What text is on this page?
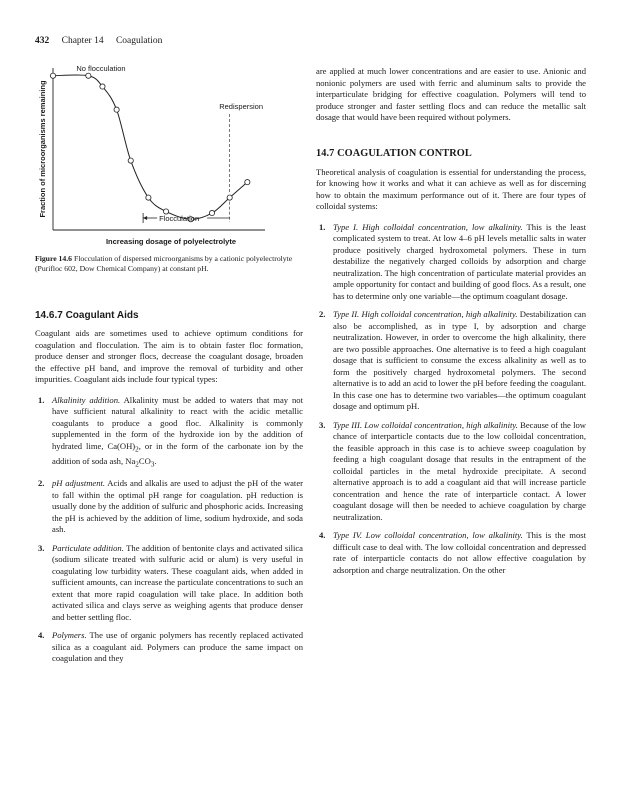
432 Chapter 14 Coagulation
Fraction of microorganisms remaining
Increasing dosage of polyelectrolyte
No flocculation
Redispersion
Flocculation
Figure 14.6 Flocculation of dispersed microorganisms by a cationic polyelectrolyte (Purifloc 602, Dow Chemical Company) at constant pH.
14.6.7 Coagulant Aids

Coagulant aids are sometimes used to achieve optimum conditions for coagulation and flocculation. The aim is to obtain faster floc formation, produce denser and stronger flocs, decrease the coagulant dosage, broaden the effective pH band, and improve the removal of turbidity and other impurities. Coagulant aids include four typical types:

1. Alkalinity addition. Alkalinity must be added to waters that may not have sufficient natural alkalinity to react with the acidic metallic coagulants to produce a good floc. Alkalinity is commonly supplemented in the form of the hydroxide ion by the addition of hydrated lime, $Ca(OH)_2$, or in the form of the carbonate ion by the addition of soda ash, $Na_2CO_3$.
2. pH adjustment. Acids and alkalis are used to adjust the pH of the water to fall within the optimal pH range for coagulation. pH reduction is usually done by the addition of sulfuric and phosphoric acids. Increasing the pH is achieved by the addition of lime, sodium hydroxide, and soda ash.
3. Particulate addition. The addition of bentonite clays and activated silica (sodium silicate treated with sulfuric acid or alum) is very useful in coagulating low turbidity waters. These coagulant aids, when added in sufficient amounts, can increase the particulate concentrations to such an extent that more rapid coagulation will take place. In addition both activated silica and clays serve as weighing agents that produce denser and better settling floc.
4. Polymers. The use of organic polymers has recently replaced activated silica as a coagulant aid. Polymers can produce the same impact on coagulation and they

are applied at much lower concentrations and are easier to use. Anionic and nonionic polymers are used with ferric and aluminum salts to provide the interparticulate bridging for effective coagulation. Polymers will tend to produce stronger and faster settling flocs and can reduce the metallic salt dosage that would have been required without polymers.

14.7 COAGULATION CONTROL

Theoretical analysis of coagulation is essential for understanding the process, for knowing how it works and what it can achieve as well as for discerning how to obtain the maximum performance out of it. There are four types of colloidal systems:

1. Type I. High colloidal concentration, low alkalinity. This is the least complicated system to treat. At low 4–6 pH levels metallic salts in water produce positively charged hydroxometal polymers. These in turn destabilize the negatively charged colloids by adsorption and charge neutralization. The high concentration of particulate material provides an ample opportunity for contact and building of good flocs. As a result, one has to determine only one variable—the optimum coagulant dosage.
2. Type II. High colloidal concentration, high alkalinity. Destabilization can also be accomplished, as in type I, by adsorption and charge neutralization. However, in order to overcome the high alkalinity, there are two possible approaches. One alternative is to feed a high coagulant dosage that is sufficient to consume the excess alkalinity as well as to form the positively charged hydroxometal polymers. The second alternative is to add an acid to lower the pH before feeding the coagulant. In this case one has to determine two variables—the optimum coagulant dosage and optimum pH.
3. Type III. Low colloidal concentration, high alkalinity. Because of the low chance of interparticle contacts due to the low colloidal concentration, the feasible approach in this case is to achieve sweep coagulation by feeding a high coagulant dosage that results in the entrapment of the colloidal particles in the metal hydroxide precipitate. A second alternative approach is to add a coagulant aid that will increase particle concentration and hence the rate of interparticle contact. A lower coagulant dosage will then be needed to achieve coagulation by charge neutralization.
4. Type IV. Low colloidal concentration, low alkalinity. This is the most difficult case to deal with. The low colloidal concentration and depressed rate of interparticle contacts do not allow effective coagulation by adsorption and charge neutralization. On the other
